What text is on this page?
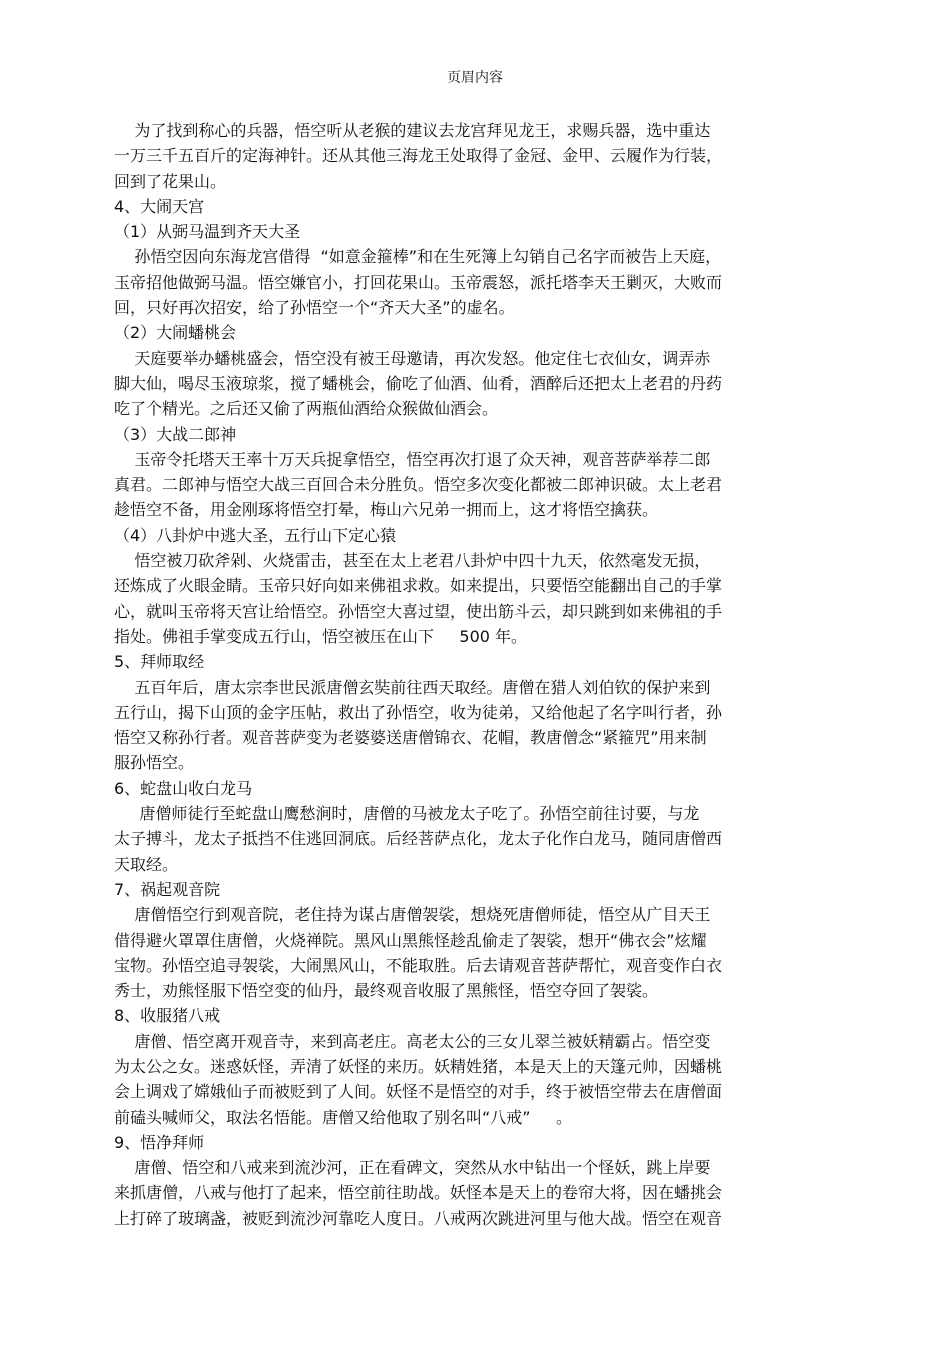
页眉内容
为了找到称心的兵器，悟空听从老猴的建议去龙宫拜见龙王，求赐兵器，选中重达
一万三千五百斤的定海神针。还从其他三海龙王处取得了金冠、金甲、云履作为行装，
回到了花果山。
4、大闹天宫
（1）从弼马温到齐天大圣
孙悟空因向东海龙宫借得  “如意金箍棒”和在生死簿上勾销自己名字而被告上天庭，
玉帝招他做弼马温。悟空嫌官小，打回花果山。玉帝震怒，派托塔李天王剿灭，大败而
回，只好再次招安，给了孙悟空一个“齐天大圣”的虚名。
（2）大闹蟠桃会
天庭要举办蟠桃盛会，悟空没有被王母邀请，再次发怒。他定住七衣仙女，调弄赤
脚大仙，喝尽玉液琼浆，搅了蟠桃会，偷吃了仙酒、仙肴，酒醉后还把太上老君的丹药
吃了个精光。之后还又偷了两瓶仙酒给众猴做仙酒会。
（3）大战二郎神
玉帝令托塔天王率十万天兵捉拿悟空，悟空再次打退了众天神，观音菩萨举荐二郎
真君。二郎神与悟空大战三百回合未分胜负。悟空多次变化都被二郎神识破。太上老君
趁悟空不备，用金刚琢将悟空打晕，梅山六兄弟一拥而上，这才将悟空擒获。
（4）八卦炉中逃大圣，五行山下定心猿
悟空被刀砍斧剁、火烧雷击，甚至在太上老君八卦炉中四十九天，依然毫发无损，
还炼成了火眼金睛。玉帝只好向如来佛祖求救。如来提出，只要悟空能翻出自己的手掌
心，就叫玉帝将天宫让给悟空。孙悟空大喜过望，使出筋斗云，却只跳到如来佛祖的手
指处。佛祖手掌变成五行山，悟空被压在山下     500 年。
5、拜师取经
五百年后，唐太宗李世民派唐僧玄奘前往西天取经。唐僧在猎人刘伯钦的保护来到
五行山，揭下山顶的金字压帖，救出了孙悟空，收为徒弟，又给他起了名字叫行者，孙
悟空又称孙行者。观音菩萨变为老婆婆送唐僧锦衣、花帽，教唐僧念“紧箍咒”用来制
服孙悟空。
6、蛇盘山收白龙马
唐僧师徒行至蛇盘山鹰愁涧时，唐僧的马被龙太子吃了。孙悟空前往讨要，与龙
太子搏斗，龙太子抵挡不住逃回洞底。后经菩萨点化，龙太子化作白龙马，随同唐僧西
天取经。
7、祸起观音院
唐僧悟空行到观音院，老住持为谋占唐僧袈裟，想烧死唐僧师徒，悟空从广目天王
借得避火罩罩住唐僧，火烧禅院。黑风山黑熊怪趁乱偷走了袈裟，想开“佛衣会”炫耀
宝物。孙悟空追寻袈裟，大闹黑风山，不能取胜。后去请观音菩萨帮忙，观音变作白衣
秀士，劝熊怪服下悟空变的仙丹，最终观音收服了黑熊怪，悟空夺回了袈裟。
8、收服猪八戒
唐僧、悟空离开观音寺，来到高老庄。高老太公的三女儿翠兰被妖精霸占。悟空变
为太公之女。迷惑妖怪，弄清了妖怪的来历。妖精姓猪，本是天上的天篷元帅，因蟠桃
会上调戏了嫦娥仙子而被贬到了人间。妖怪不是悟空的对手，终于被悟空带去在唐僧面
前磕头喊师父，取法名悟能。唐僧又给他取了别名叫“八戒”     。
9、悟净拜师
唐僧、悟空和八戒来到流沙河，正在看碑文，突然从水中钻出一个怪妖，跳上岸要
来抓唐僧，八戒与他打了起来，悟空前往助战。妖怪本是天上的卷帘大将，因在蟠挑会
上打碎了玻璃盏，被贬到流沙河靠吃人度日。八戒两次跳进河里与他大战。悟空在观音
